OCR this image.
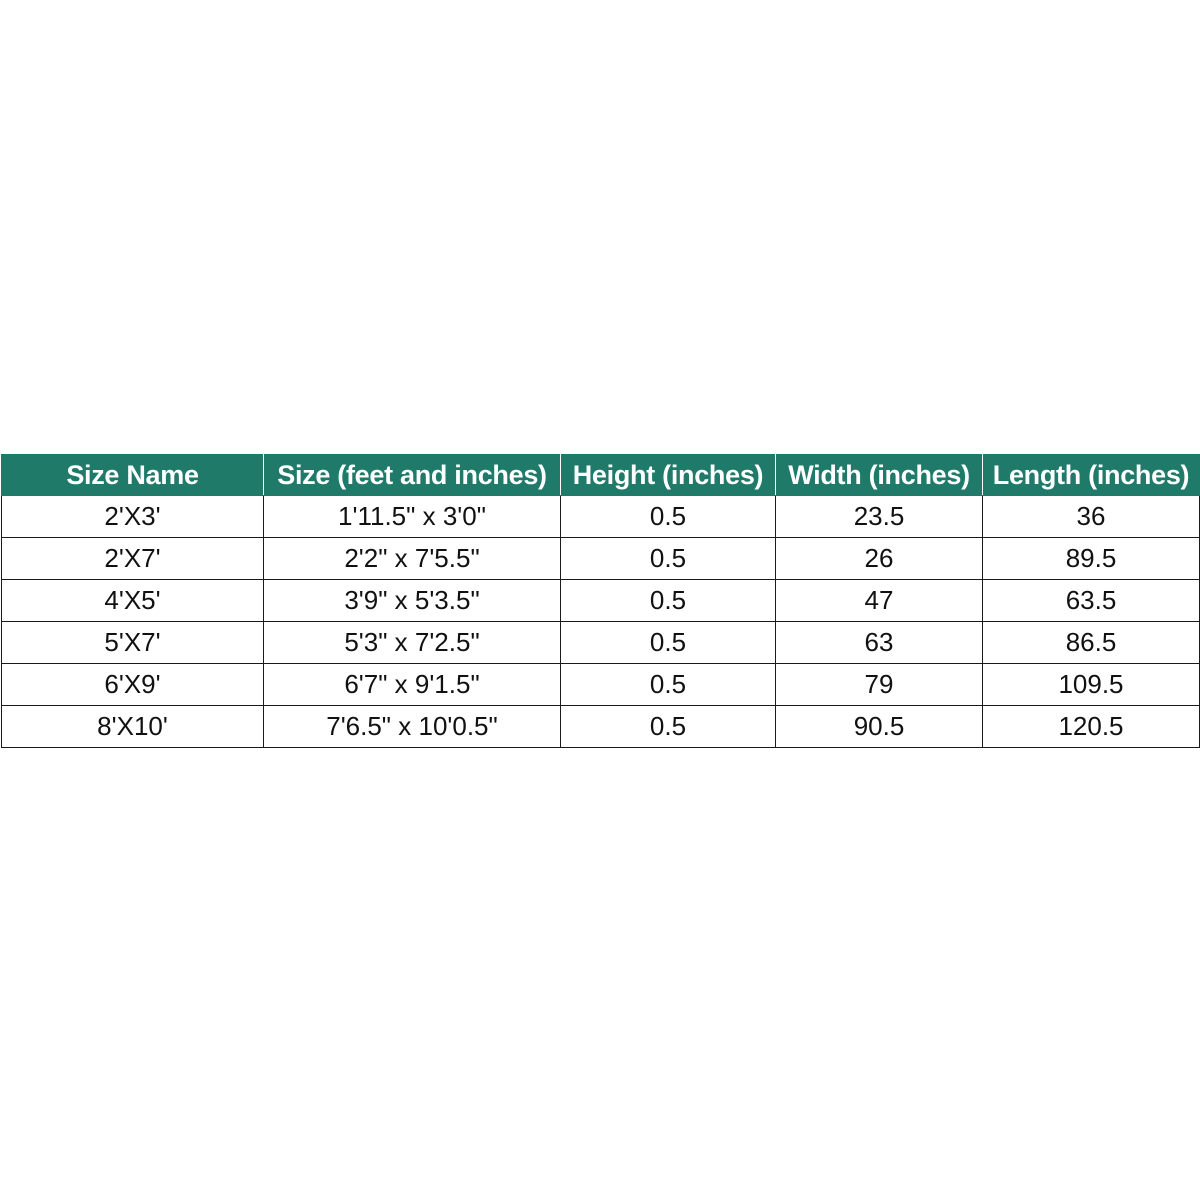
Size Name	Size (feet and inches)	Height (inches)	Width (inches)	Length (inches)
2'X3'	1'11.5" x 3'0"	0.5	23.5	36
2'X7'	2'2" x 7'5.5"	0.5	26	89.5
4'X5'	3'9" x 5'3.5"	0.5	47	63.5
5'X7'	5'3" x 7'2.5"	0.5	63	86.5
6'X9'	6'7" x 9'1.5"	0.5	79	109.5
8'X10'	7'6.5" x 10'0.5"	0.5	90.5	120.5
